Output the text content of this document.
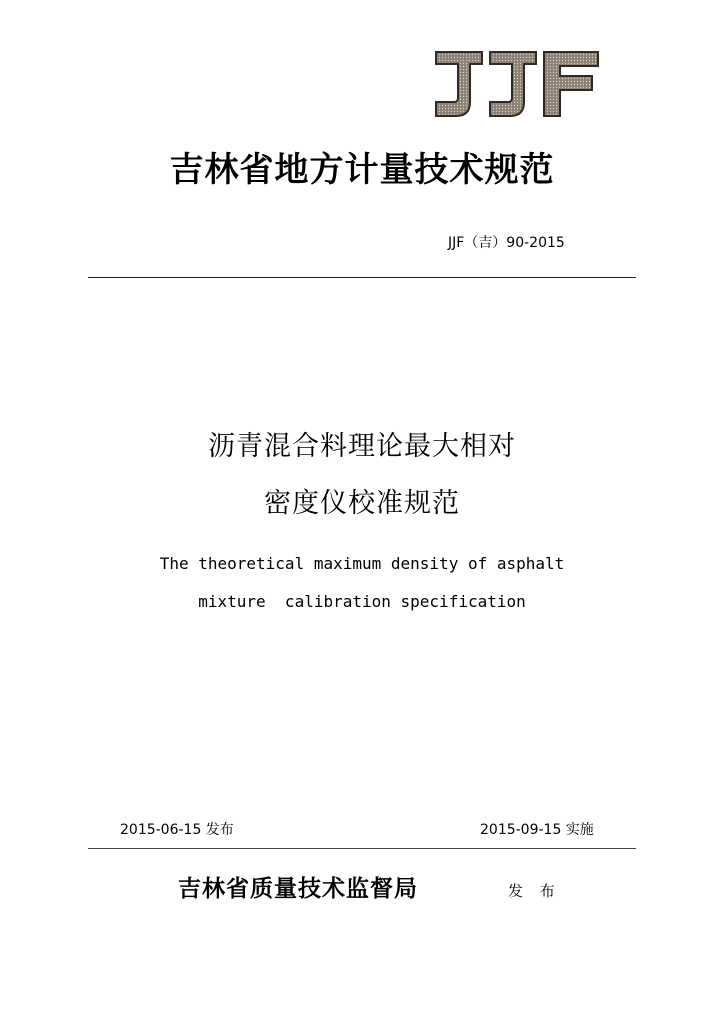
吉林省地方计量技术规范
JJF（吉）90-2015
沥青混合料理论最大相对
密度仪校准规范
The theoretical maximum density of asphalt
mixture  calibration specification
2015-06-15 发布	2015-09-15 实施
吉林省质量技术监督局	发 布
